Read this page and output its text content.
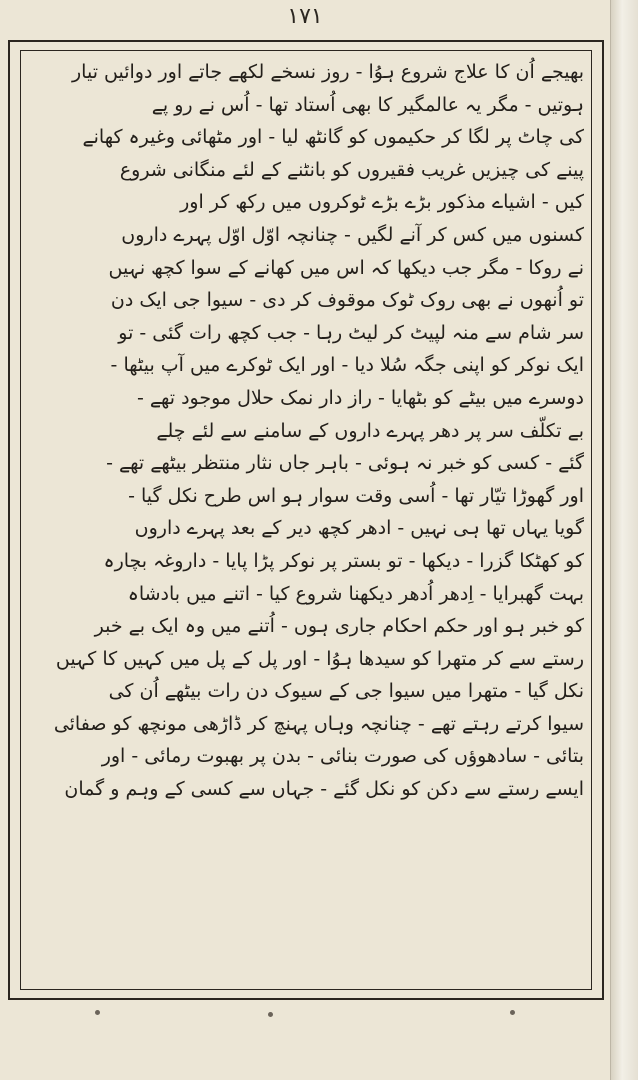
۱۷۱
بھیجے اُن کا علاج شروع ہوُا - روز نسخے لکھے جاتے اور دوائیں تیار
ہوتیں - مگر یہ عالمگیر کا بھی اُستاد تھا - اُس نے رو پے
کی چاٹ پر لگا کر حکیموں کو گانٹھ لیا - اور مٹھائی وغیرہ کھانے
پینے کی چیزیں غریب فقیروں کو بانٹنے کے لئے منگانی شروع
کیں - اشیاے مذکور بڑے بڑے ٹوکروں میں رکھ کر اور
کسنوں میں کس کر آنے لگیں - چنانچہ اوّل اوّل پہرے داروں
نے روکا - مگر جب دیکھا کہ اس میں کھانے کے سوا کچھ نہیں
تو اُنھوں نے بھی روک ٹوک موقوف کر دی - سیوا جی ایک دن
سر شام سے منہ لپیٹ کر لیٹ رہا - جب کچھ رات گئی - تو
ایک نوکر کو اپنی جگہ سُلا دیا - اور ایک ٹوکرے میں آپ بیٹھا -
دوسرے میں بیٹے کو بٹھایا - راز دار نمک حلال موجود تھے -
بے تکلّف سر پر دھر پہرے داروں کے سامنے سے لئے چلے
گئے - کسی کو خبر نہ ہوئی - باہر جاں نثار منتظر بیٹھے تھے -
اور گھوڑا تیّار تھا - اُسی وقت سوار ہو اس طرح نکل گیا -
گویا یہاں تھا ہی نہیں - ادھر کچھ دیر کے بعد پہرے داروں
کو کھٹکا گزرا - دیکھا - تو بستر پر نوکر پڑا پایا - داروغہ بچارہ
بہت گھبرایا - اِدھر اُدھر دیکھنا شروع کیا - اتنے میں بادشاہ
کو خبر ہو اور حکم احکام جاری ہوں - اُتنے میں وہ ایک بے خبر
رستے سے کر متھرا کو سیدھا ہوُا - اور پل کے پل میں کہیں کا کہیں
نکل گیا - متھرا میں سیوا جی کے سیوک دن رات بیٹھے اُن کی
سیوا کرتے رہتے تھے - چنانچہ وہاں پہنچ کر ڈاڑھی مونچھ کو صفائی
بتائی - سادھوؤں کی صورت بنائی - بدن پر بھبوت رمائی - اور
ایسے رستے سے دکن کو نکل گئے - جہاں سے کسی کے وہم و گمان
